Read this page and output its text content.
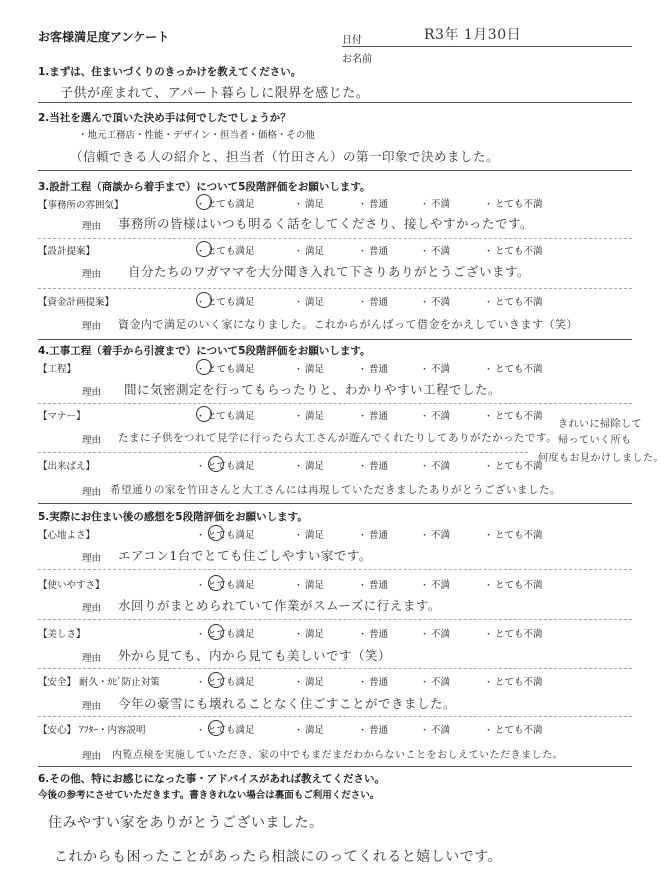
お客様満足度アンケート	日付	R3年 1月30日
お名前
1.まずは、住まいづくりのきっかけを教えてください。
子供が産まれて、アパート暮らしに限界を感じた。
2.当社を選んで頂いた決め手は何でしたでしょうか？
・地元工務店・性能・デザイン・担当者・価格・その他
（信頼できる人の紹介と、担当者（竹田さん）の第一印象で決めました。
3.設計工程（商談から着手まで）について5段階評価をお願いします。
【事務所の雰囲気】	・ とても満足	・ 満足	・ 普通	・ 不満	・ とても不満
理由 事務所の皆様はいつも明るく話をしてくださり、接しやすかったです。
【設計提案】	・ とても満足	・ 満足	・ 普通	・ 不満	・ とても不満
理由 自分たちのワガママを大分聞き入れて下さりありがとうございます。
【資金計画提案】	・ とても満足	・ 満足	・ 普通	・ 不満	・ とても不満
理由 資金内で満足のいく家になりました。これからがんばって借金をかえしていきます（笑）
4.工事工程（着手から引渡まで）について5段階評価をお願いします。
【工程】	・ とても満足	・ 満足	・ 普通	・ 不満	・ とても不満
理由 間に気密測定を行ってもらったりと、わかりやすい工程でした。
【マナー】	・ とても満足	・ 満足	・ 普通	・ 不満	・ とても不満
理由 たまに子供をつれて見学に行ったら大工さんが遊んでくれたりしてありがたかったです。
きれいに掃除して
帰っていく所も
何度もお見かけしました。
【出来ばえ】	・ とても満足	・ 満足	・ 普通	・ 不満	・ とても不満
理由 希望通りの家を竹田さんと大工さんには再現していただきましたありがとうございました。
5.実際にお住まい後の感想を5段階評価をお願いします。
【心地よさ】	・ とても満足	・ 満足	・ 普通	・ 不満	・ とても不満
理由 エアコン1台でとても住ごしやすい家です。
【使いやすさ】	・ とても満足	・ 満足	・ 普通	・ 不満	・ とても不満
理由 水回りがまとめられていて作業がスムーズに行えます。
【美しさ】	・ とても満足	・ 満足	・ 普通	・ 不満	・ とても不満
理由 外から見ても、内から見ても美しいです（笑）
【安全】 耐久・ｶﾋﾞ防止対策	・ とても満足	・ 満足	・ 普通	・ 不満	・ とても不満
理由 今年の豪雪にも壊れることなく住ごすことができました。
【安心】 ｱﾌﾀｰ・内容説明	・ とても満足	・ 満足	・ 普通	・ 不満	・ とても不満
理由 内覧点検を実施していただき、家の中でもまだまだわからないことをおしえていただきました。
6.その他、特にお感じになった事・アドバイスがあれば教えてください。
今後の参考にさせていただきます。書ききれない場合は裏面もご利用ください。
住みやすい家をありがとうございました。
これからも困ったことがあったら相談にのってくれると嬉しいです。
